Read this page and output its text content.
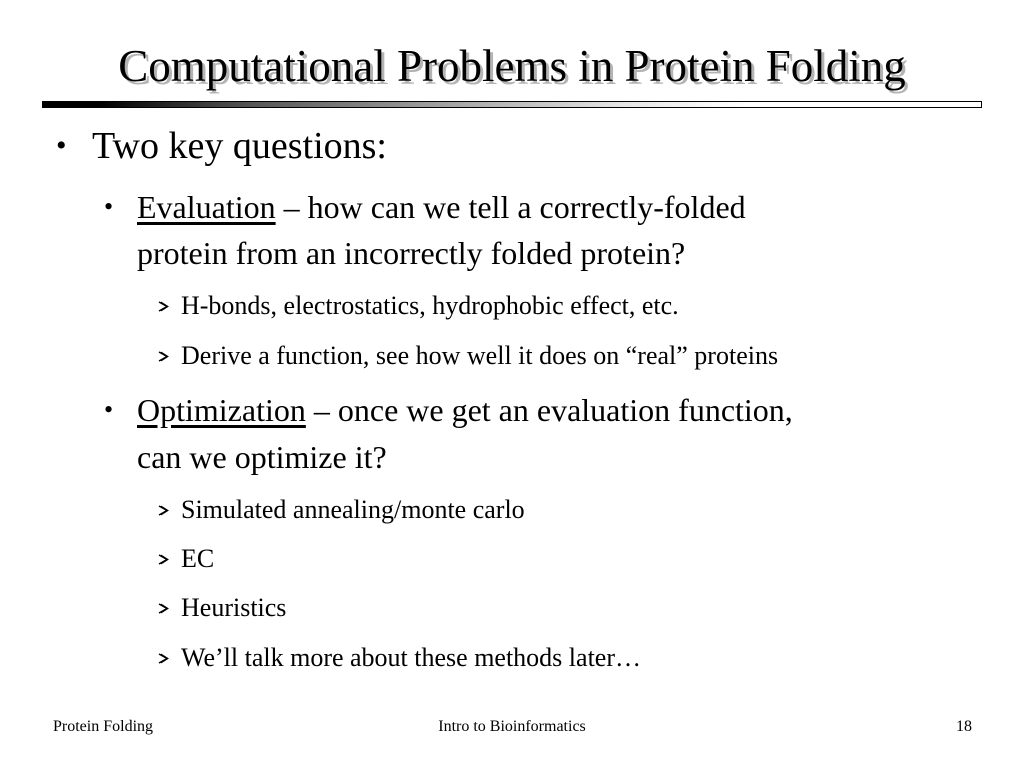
Computational Problems in Protein Folding
• Two key questions:
• Evaluation – how can we tell a correctly-folded
protein from an incorrectly folded protein?
H-bonds, electrostatics, hydrophobic effect, etc.
Derive a function, see how well it does on “real” proteins
• Optimization – once we get an evaluation function,
can we optimize it?
Simulated annealing/monte carlo
EC
Heuristics
We’ll talk more about these methods later…
Protein Folding	Intro to Bioinformatics	18
